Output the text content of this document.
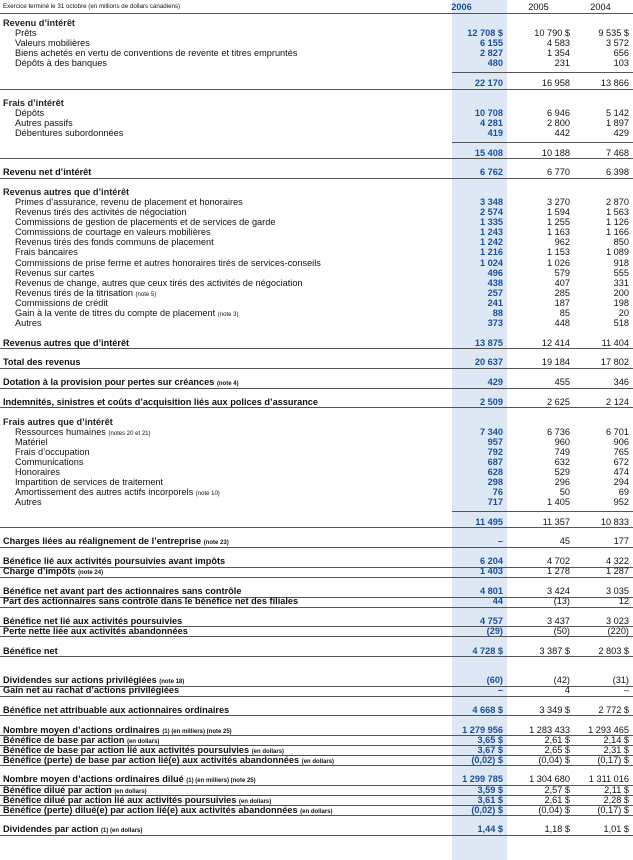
Exercice terminé le 31 octobre (en millions de dollars canadiens)	2006	2005	2004
Revenu d’intérêt
Prêts	12 708 $	10 790 $	9 535 $
Valeurs mobilières	6 155	4 583	3 572
Biens achetés en vertu de conventions de revente et titres empruntés	2 827	1 354	656
Dépôts à des banques	480	231	103
22 170	16 958	13 866
Frais d’intérêt
Dépôts	10 708	6 946	5 142
Autres passifs	4 281	2 800	1 897
Débentures subordonnées	419	442	429
15 408	10 188	7 468
Revenu net d’intérêt	6 762	6 770	6 398
Revenus autres que d’intérêt
Primes d’assurance, revenu de placement et honoraires	3 348	3 270	2 870
Revenus tirés des activités de négociation	2 574	1 594	1 563
Commissions de gestion de placements et de services de garde	1 335	1 255	1 126
Commissions de courtage en valeurs mobilières	1 243	1 163	1 166
Revenus tirés des fonds communs de placement	1 242	962	850
Frais bancaires	1 216	1 153	1 089
Commissions de prise ferme et autres honoraires tirés de services-conseils	1 024	1 026	918
Revenus sur cartes	496	579	555
Revenus de change, autres que ceux tirés des activités de négociation	438	407	331
Revenus tirés de la titrisation (note 5)	257	285	200
Commissions de crédit	241	187	198
Gain à la vente de titres du compte de placement (note 3)	88	85	20
Autres	373	448	518
Revenus autres que d’intérêt	13 875	12 414	11 404
Total des revenus	20 637	19 184	17 802
Dotation à la provision pour pertes sur créances (note 4)	429	455	346
Indemnités, sinistres et coûts d’acquisition liés aux polices d’assurance	2 509	2 625	2 124
Frais autres que d’intérêt
Ressources humaines (notes 20 et 21)	7 340	6 736	6 701
Matériel	957	960	906
Frais d’occupation	792	749	765
Communications	687	632	672
Honoraires	628	529	474
Impartition de services de traitement	298	296	294
Amortissement des autres actifs incorporels (note 10)	76	50	69
Autres	717	1 405	952
11 495	11 357	10 833
Charges liées au réalignement de l’entreprise (note 23)	–	45	177
Bénéfice lié aux activités poursuivies avant impôts	6 204	4 702	4 322
Charge d’impôts (note 24)	1 403	1 278	1 287
Bénéfice net avant part des actionnaires sans contrôle	4 801	3 424	3 035
Part des actionnaires sans contrôle dans le bénéfice net des filiales	44	(13)	12
Bénéfice net lié aux activités poursuivies	4 757	3 437	3 023
Perte nette liée aux activités abandonnées	(29)	(50)	(220)
Bénéfice net	4 728 $	3 387 $	2 803 $
Dividendes sur actions privilégiées (note 18)	(60)	(42)	(31)
Gain net au rachat d’actions privilégiées	–	4	–
Bénéfice net attribuable aux actionnaires ordinaires	4 668 $	3 349 $	2 772 $
Nombre moyen d’actions ordinaires (1) (en milliers) (note 25)	1 279 956	1 283 433	1 293 465
Bénéfice de base par action (en dollars)	3,65 $	2,61 $	2,14 $
Bénéfice de base par action lié aux activités poursuivies (en dollars)	3,67 $	2,65 $	2,31 $
Bénéfice (perte) de base par action lié(e) aux activités abandonnées (en dollars)	(0,02) $	(0,04) $	(0,17) $
Nombre moyen d’actions ordinaires dilué (1) (en milliers) (note 25)	1 299 785	1 304 680	1 311 016
Bénéfice dilué par action (en dollars)	3,59 $	2,57 $	2,11 $
Bénéfice dilué par action lié aux activités poursuivies (en dollars)	3,61 $	2,61 $	2,28 $
Bénéfice (perte) dilué(e) par action lié(e) aux activités abandonnées (en dollars)	(0,02) $	(0,04) $	(0,17) $
Dividendes par action (1) (en dollars)	1,44 $	1,18 $	1,01 $
